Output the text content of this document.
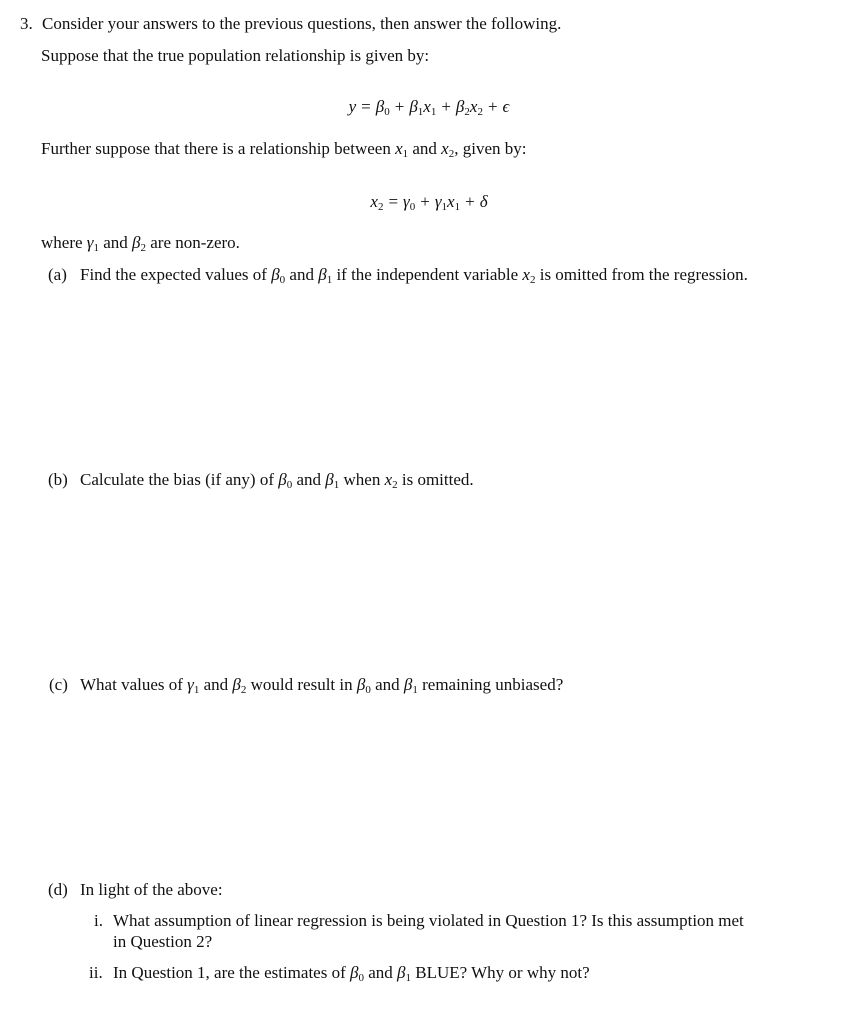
3. Consider your answers to the previous questions, then answer the following.
Suppose that the true population relationship is given by:
$y = \beta_0 + \beta_1x_1 + \beta_2x_2 + \epsilon$
Further suppose that there is a relationship between $x_1$ and $x_2$, given by:
$x_2 = \gamma_0 + \gamma_1x_1 + \delta$
where $\gamma_1$ and $\beta_2$ are non-zero.
(a) Find the expected values of $\beta_0$ and $\beta_1$ if the independent variable $x_2$ is omitted from the regression.
(b) Calculate the bias (if any) of $\beta_0$ and $\beta_1$ when $x_2$ is omitted.
(c) What values of $\gamma_1$ and $\beta_2$ would result in $\beta_0$ and $\beta_1$ remaining unbiased?
(d) In light of the above:
i. What assumption of linear regression is being violated in Question 1? Is this assumption met
in Question 2?
ii. In Question 1, are the estimates of $\beta_0$ and $\beta_1$ BLUE? Why or why not?
